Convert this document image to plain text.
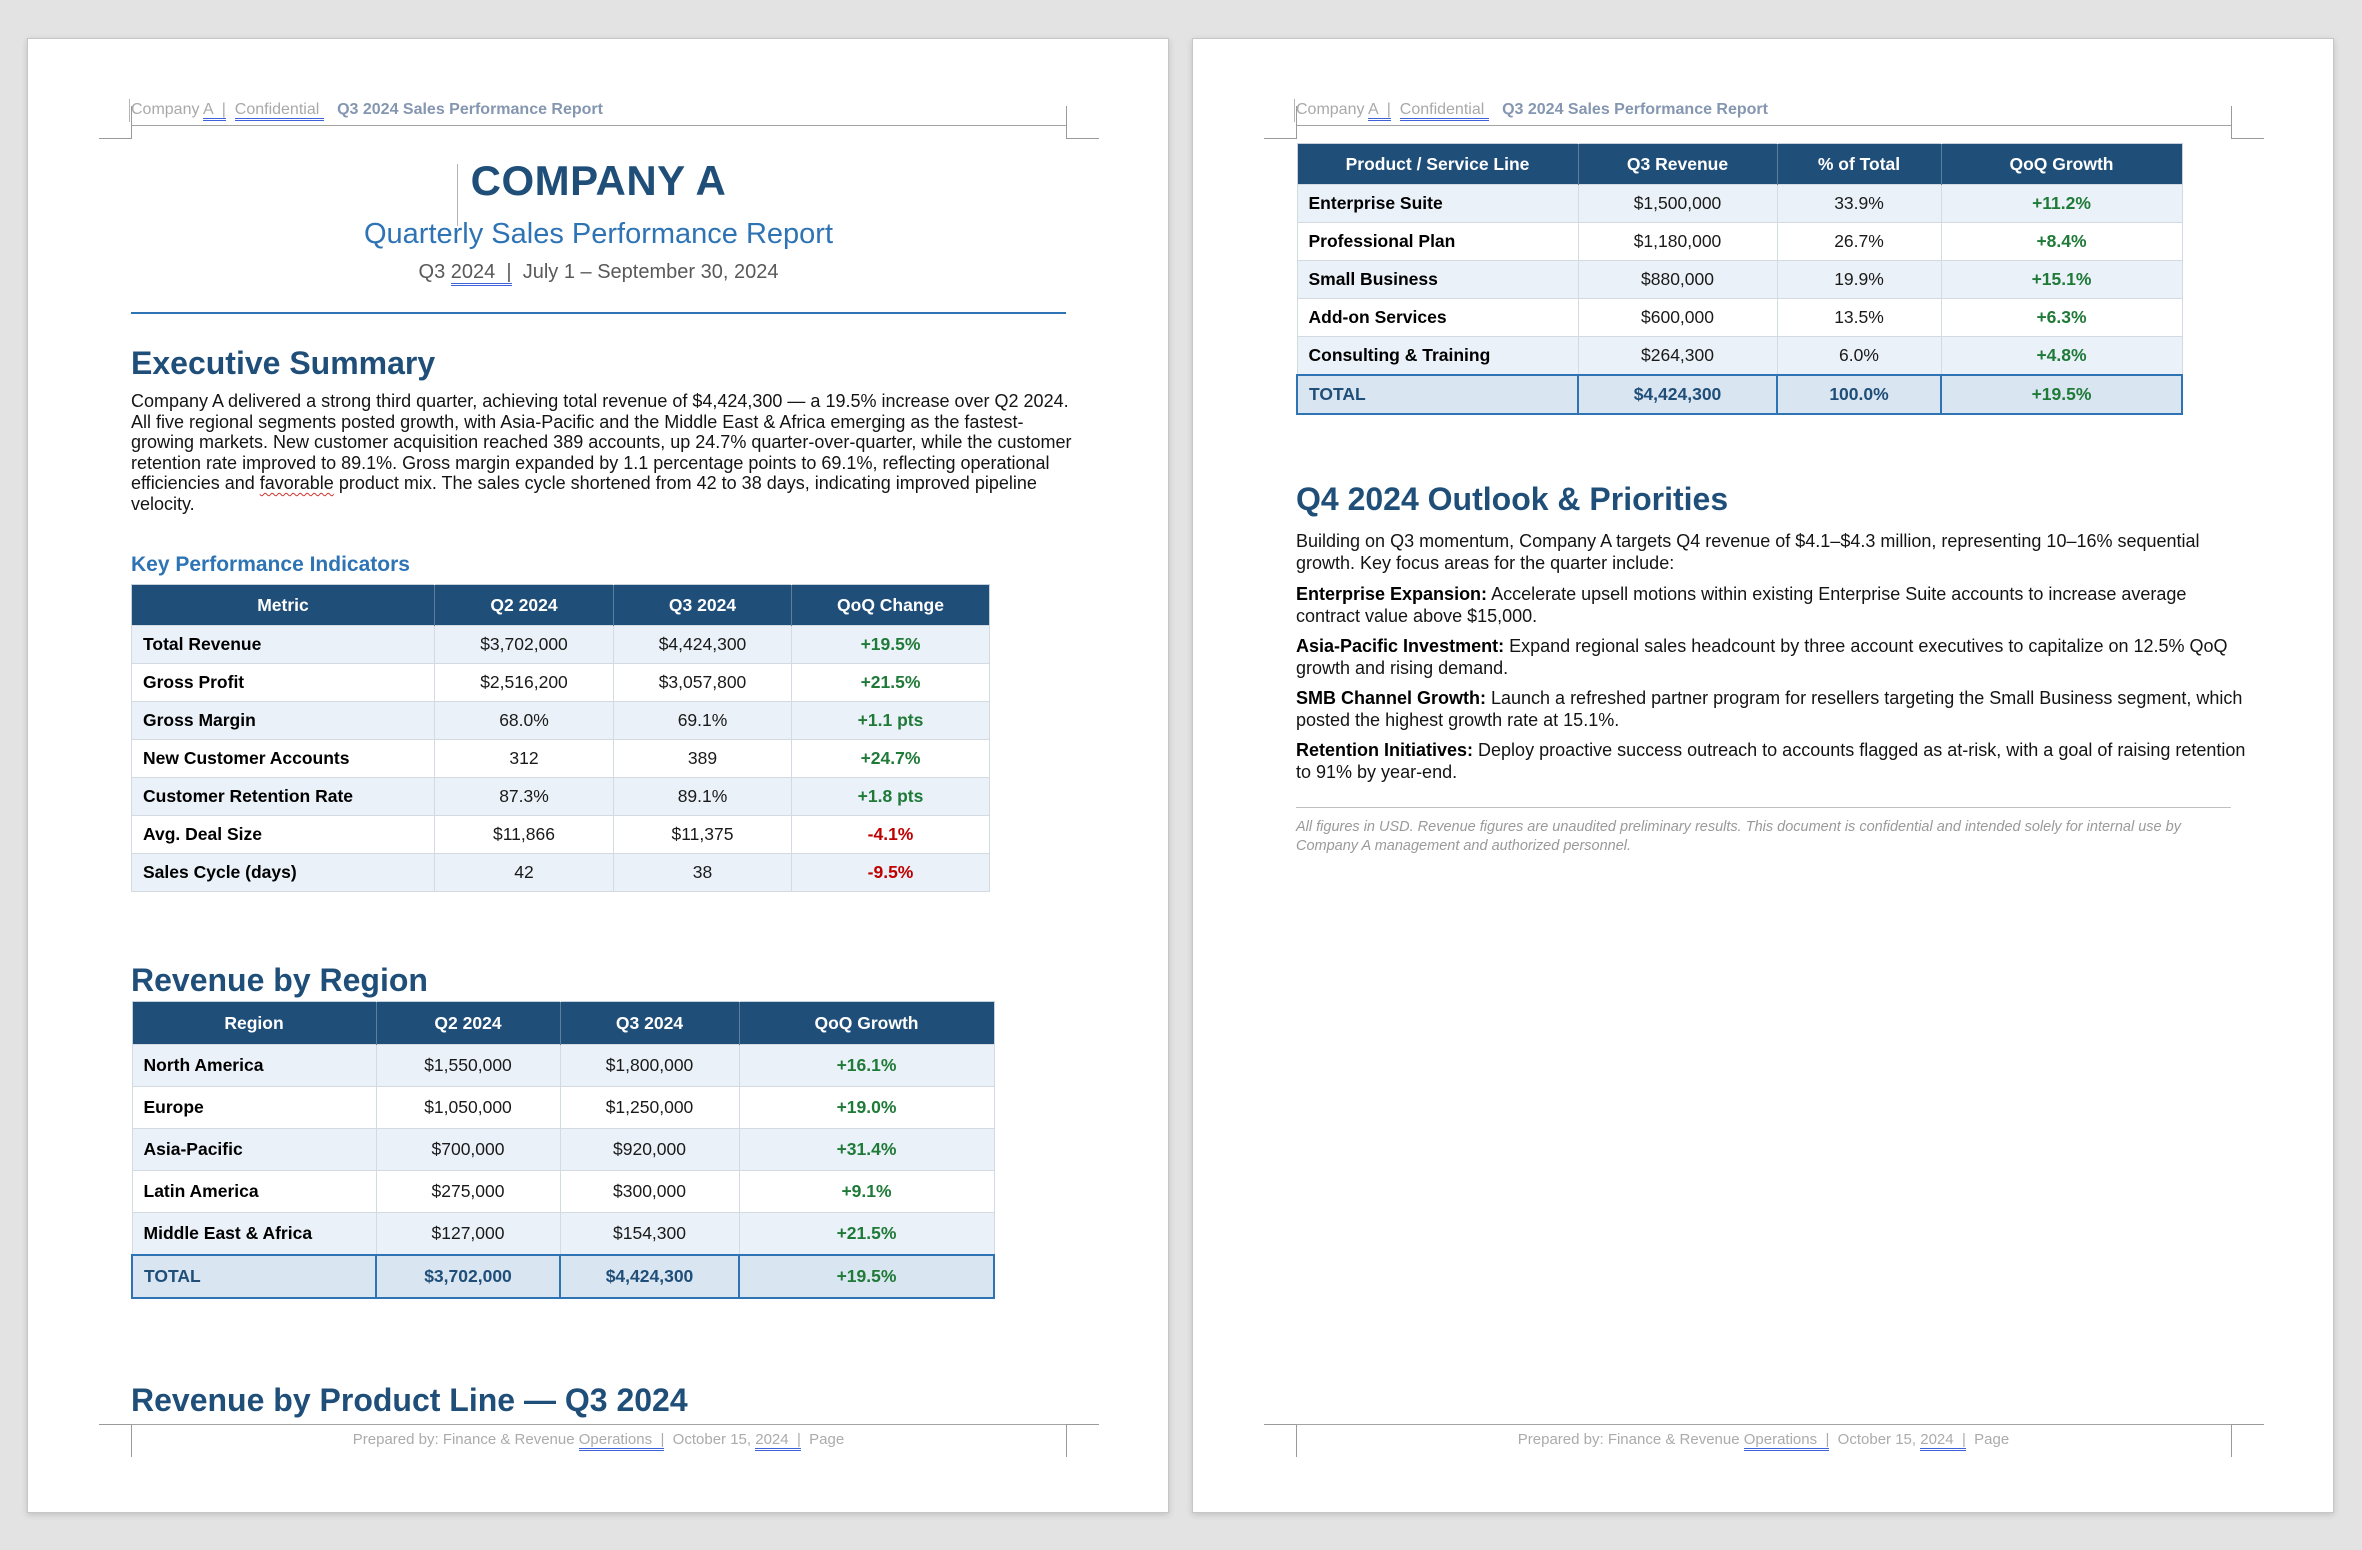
Company A  | Confidential    Q3 2024 Sales Performance Report
COMPANY A
Quarterly Sales Performance Report
Q3 2024  |  July 1 – September 30, 2024
Executive Summary
Company A delivered a strong third quarter, achieving total revenue of $4,424,300 — a 19.5% increase over Q2 2024. All five regional segments posted growth, with Asia-Pacific and the Middle East & Africa emerging as the fastest-growing markets. New customer acquisition reached 389 accounts, up 24.7% quarter-over-quarter, while the customer retention rate improved to 89.1%. Gross margin expanded by 1.1 percentage points to 69.1%, reflecting operational efficiencies and favorable product mix. The sales cycle shortened from 42 to 38 days, indicating improved pipeline velocity.
Key Performance Indicators
Metric	Q2 2024	Q3 2024	QoQ Change
Total Revenue	$3,702,000	$4,424,300	+19.5%
Gross Profit	$2,516,200	$3,057,800	+21.5%
Gross Margin	68.0%	69.1%	+1.1 pts
New Customer Accounts	312	389	+24.7%
Customer Retention Rate	87.3%	89.1%	+1.8 pts
Avg. Deal Size	$11,866	$11,375	-4.1%
Sales Cycle (days)	42	38	-9.5%
Revenue by Region
Region	Q2 2024	Q3 2024	QoQ Growth
North America	$1,550,000	$1,800,000	+16.1%
Europe	$1,050,000	$1,250,000	+19.0%
Asia-Pacific	$700,000	$920,000	+31.4%
Latin America	$275,000	$300,000	+9.1%
Middle East & Africa	$127,000	$154,300	+21.5%
TOTAL	$3,702,000	$4,424,300	+19.5%
Revenue by Product Line — Q3 2024
Prepared by: Finance & Revenue Operations  |  October 15, 2024  |  Page
Company A  | Confidential    Q3 2024 Sales Performance Report
Product / Service Line	Q3 Revenue	% of Total	QoQ Growth
Enterprise Suite	$1,500,000	33.9%	+11.2%
Professional Plan	$1,180,000	26.7%	+8.4%
Small Business	$880,000	19.9%	+15.1%
Add-on Services	$600,000	13.5%	+6.3%
Consulting & Training	$264,300	6.0%	+4.8%
TOTAL	$4,424,300	100.0%	+19.5%
Q4 2024 Outlook & Priorities

Building on Q3 momentum, Company A targets Q4 revenue of $4.1–$4.3 million, representing 10–16% sequential growth. Key focus areas for the quarter include:

Enterprise Expansion: Accelerate upsell motions within existing Enterprise Suite accounts to increase average contract value above $15,000.

Asia-Pacific Investment: Expand regional sales headcount by three account executives to capitalize on 12.5% QoQ growth and rising demand.

SMB Channel Growth: Launch a refreshed partner program for resellers targeting the Small Business segment, which posted the highest growth rate at 15.1%.

Retention Initiatives: Deploy proactive success outreach to accounts flagged as at-risk, with a goal of raising retention to 91% by year-end.

All figures in USD. Revenue figures are unaudited preliminary results. This document is confidential and intended solely for internal use by Company A management and authorized personnel.
Prepared by: Finance & Revenue Operations  |  October 15, 2024  |  Page
